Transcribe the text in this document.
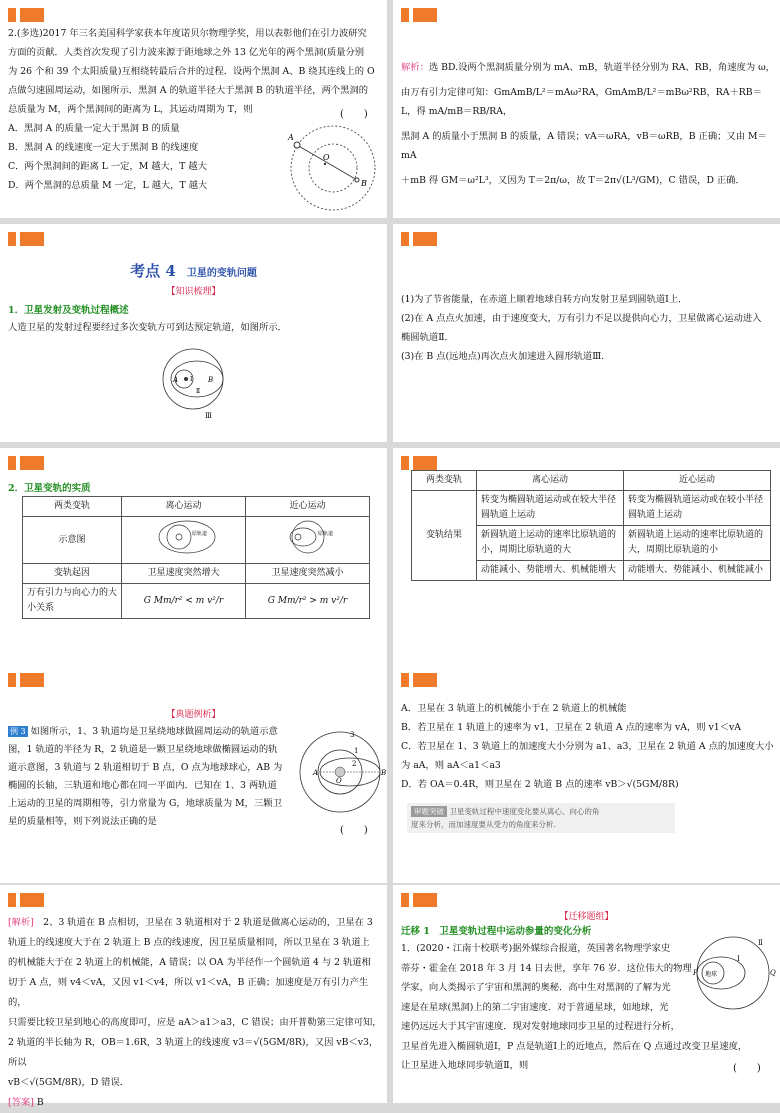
2.(多选)2017 年三名美国科学家获本年度诺贝尔物理学奖，用以表彰他们在引力波研究
方面的贡献．人类首次发现了引力波来源于距地球之外 13 亿光年的两个黑洞(质量分别
为 26 个和 39 个太阳质量)互相绕转最后合并的过程．设两个黑洞 A、B 绕其连线上的 O
点做匀速圆周运动，如图所示．黑洞 A 的轨道半径大于黑洞 B 的轨道半径，两个黑洞的
总质量为 M，两个黑洞间的距离为 L，其运动周期为 T，则	(　　)
A．黑洞 A 的质量一定大于黑洞 B 的质量
B．黑洞 A 的线速度一定大于黑洞 B 的线速度
C．两个黑洞间的距离 L 一定，M 越大，T 越大
D．两个黑洞的总质量 M 一定，L 越大，T 越大
A
O
B
解析：选 BD.设两个黑洞质量分别为 mA、mB，轨道半径分别为 RA、RB，角速度为 ω，
由万有引力定律可知：GmAmB/L²＝mAω²RA，GmAmB/L²＝mBω²RB，RA＋RB＝L，得 mA/mB＝RB/RA，
黑洞 A 的质量小于黑洞 B 的质量，A 错误；vA＝ωRA，vB＝ωRB，B 正确；又由 M＝mA
＋mB 得 GM＝ω²L³，又因为 T＝2π/ω，故 T＝2π√(L³/GM)，C 错误，D 正确．
考点 4 卫星的变轨问题
【知识梳理】
1．卫星发射及变轨过程概述
人造卫星的发射过程要经过多次变轨方可到达预定轨道，如图所示．
A Ⅰ B
Ⅱ
Ⅲ
(1)为了节省能量，在赤道上顺着地球自转方向发射卫星到圆轨道Ⅰ上．
(2)在 A 点点火加速，由于速度变大，万有引力不足以提供向心力，卫星做离心运动进入
椭圆轨道Ⅱ．
(3)在 B 点(远地点)再次点火加速进入圆形轨道Ⅲ.
2．卫星变轨的实质
两类变轨	离心运动	近心运动
示意图	原轨道	原轨道

变轨起因	卫星速度突然增大	卫星速度突然减小
万有引力与向心力的大小关系	G Mm/r² < m v²/r	G Mm/r² > m v²/r
两类变轨	离心运动	近心运动
变轨结果	转变为椭圆轨道运动或在较大半径圆轨道上运动	转变为椭圆轨道运动或在较小半径圆轨道上运动
	新圆轨道上运动的速率比原轨道的小，周期比原轨道的大	新圆轨道上运动的速率比原轨道的大，周期比原轨道的小
	动能减小、势能增大、机械能增大	动能增大、势能减小、机械能减小
【典题例析】
例 3 如图所示，1、3 轨道均是卫星绕地球做圆周运动的轨道示意
图，1 轨道的半径为 R，2 轨道是一颗卫星绕地球做椭圆运动的轨
道示意图，3 轨道与 2 轨道相切于 B 点，O 点为地球球心，AB 为
椭圆的长轴，三轨道和地心都在同一平面内．已知在 1、3 两轨道
上运动的卫星的周期相等，引力常量为 G，地球质量为 M，三颗卫
星的质量相等，则下列说法正确的是
(　　)
3
1
2
A
O
B
A．卫星在 3 轨道上的机械能小于在 2 轨道上的机械能
B．若卫星在 1 轨道上的速率为 v1，卫星在 2 轨道 A 点的速率为 vA，则 v1＜vA
C．若卫星在 1、3 轨道上的加速度大小分别为 a1、a3，卫星在 2 轨道 A 点的加速度大小
为 aA，则 aA＜a1＜a3
D．若 OA＝0.4R，则卫星在 2 轨道 B 点的速率 vB＞√(5GM/8R)
审题突破 卫星变轨过程中速度变化要从离心、向心的角
度来分析，而加速度要从受力的角度来分析.
[解析]　2、3 轨道在 B 点相切，卫星在 3 轨道相对于 2 轨道是做离心运动的，卫星在 3
轨道上的线速度大于在 2 轨道上 B 点的线速度，因卫星质量相同，所以卫星在 3 轨道上
的机械能大于在 2 轨道上的机械能，A 错误；以 OA 为半径作一个圆轨道 4 与 2 轨道相
切于 A 点，则 v4＜vA，又因 v1＜v4，所以 v1＜vA，B 正确；加速度是万有引力产生的，
只需要比较卫星到地心的高度即可，应是 aA＞a1＞a3，C 错误；由开普勒第三定律可知，
2 轨道的半长轴为 R，OB＝1.6R，3 轨道上的线速度 v3＝√(5GM/8R)，又因 vB＜v3，所以
vB＜√(5GM/8R)，D 错误．
[答案] B
【迁移题组】
迁移 1　卫星变轨过程中运动参量的变化分析
1．(2020・江南十校联考)据外媒综合报道，英国著名物理学家史
蒂芬・霍金在 2018 年 3 月 14 日去世，享年 76 岁．这位伟大的物理
学家，向人类揭示了宇宙和黑洞的奥秘．高中生对黑洞的了解为光
速是在星球(黑洞)上的第二宇宙速度．对于普通星球，如地球，光
速仍远远大于其宇宙速度．现对发射地球同步卫星的过程进行分析，
卫星首先进入椭圆轨道Ⅰ，P 点是轨道Ⅰ上的近地点，然后在 Q 点通过改变卫星速度，
让卫星进入地球同步轨道Ⅱ，则	(　　)
Ⅱ
Ⅰ
P 地球	Q
